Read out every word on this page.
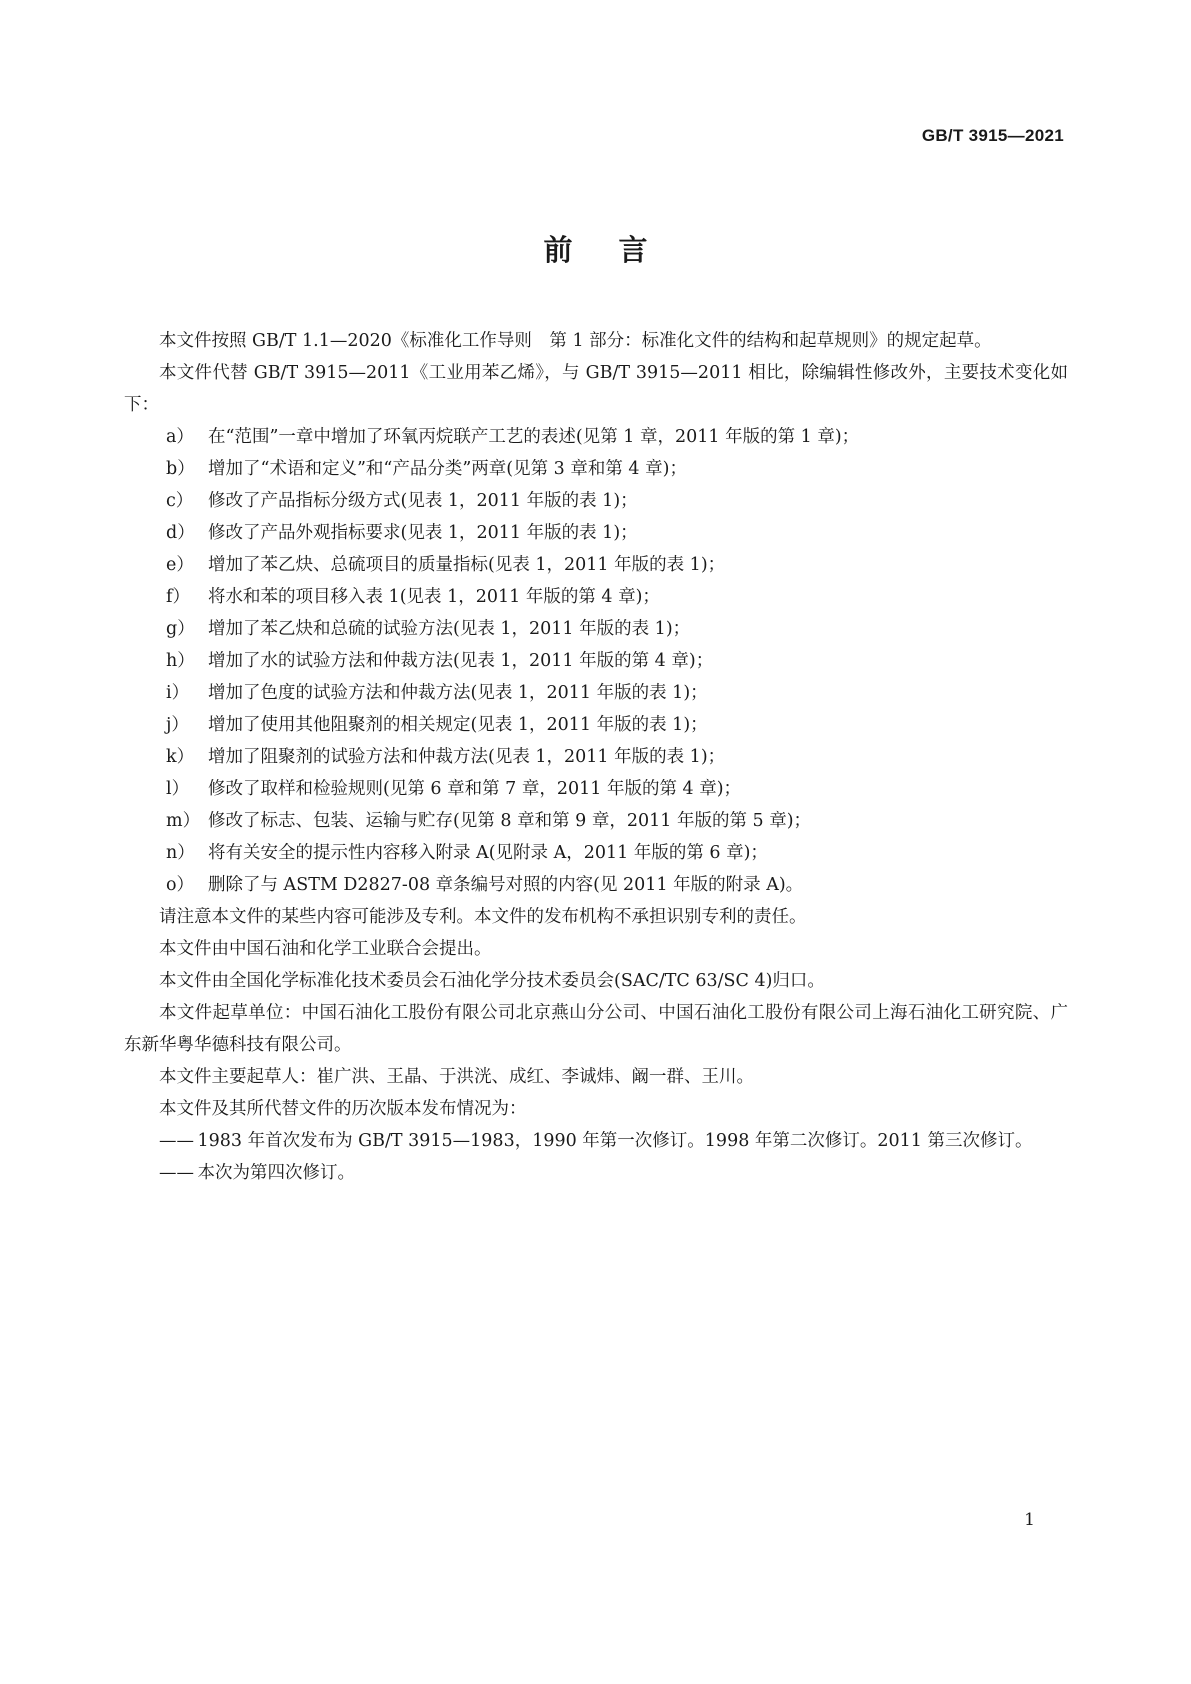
GB/T 3915—2021
前言

本文件按照 GB/T 1.1—2020《标准化工作导则　第 1 部分：标准化文件的结构和起草规则》的规定起草。

本文件代替 GB/T 3915—2011《工业用苯乙烯》，与 GB/T 3915—2011 相比，除编辑性修改外，主要技术变化如下：

a） 在“范围”一章中增加了环氧丙烷联产工艺的表述(见第 1 章，2011 年版的第 1 章)；

b） 增加了“术语和定义”和“产品分类”两章(见第 3 章和第 4 章)；

c） 修改了产品指标分级方式(见表 1，2011 年版的表 1)；

d） 修改了产品外观指标要求(见表 1，2011 年版的表 1)；

e） 增加了苯乙炔、总硫项目的质量指标(见表 1，2011 年版的表 1)；

f） 将水和苯的项目移入表 1(见表 1，2011 年版的第 4 章)；

g） 增加了苯乙炔和总硫的试验方法(见表 1，2011 年版的表 1)；

h） 增加了水的试验方法和仲裁方法(见表 1，2011 年版的第 4 章)；

i） 增加了色度的试验方法和仲裁方法(见表 1，2011 年版的表 1)；

j） 增加了使用其他阻聚剂的相关规定(见表 1，2011 年版的表 1)；

k） 增加了阻聚剂的试验方法和仲裁方法(见表 1，2011 年版的表 1)；

l） 修改了取样和检验规则(见第 6 章和第 7 章，2011 年版的第 4 章)；

m） 修改了标志、包装、运输与贮存(见第 8 章和第 9 章，2011 年版的第 5 章)；

n） 将有关安全的提示性内容移入附录 A(见附录 A，2011 年版的第 6 章)；

o） 删除了与 ASTM D2827-08 章条编号对照的内容(见 2011 年版的附录 A)。

请注意本文件的某些内容可能涉及专利。本文件的发布机构不承担识别专利的责任。

本文件由中国石油和化学工业联合会提出。

本文件由全国化学标准化技术委员会石油化学分技术委员会(SAC/TC 63/SC 4)归口。

本文件起草单位：中国石油化工股份有限公司北京燕山分公司、中国石油化工股份有限公司上海石油化工研究院、广东新华粤华德科技有限公司。

本文件主要起草人：崔广洪、王晶、于洪洸、成红、李诚炜、阚一群、王川。

本文件及其所代替文件的历次版本发布情况为：

—— 1983 年首次发布为 GB/T 3915—1983，1990 年第一次修订。1998 年第二次修订。2011 第三次修订。

—— 本次为第四次修订。

1
